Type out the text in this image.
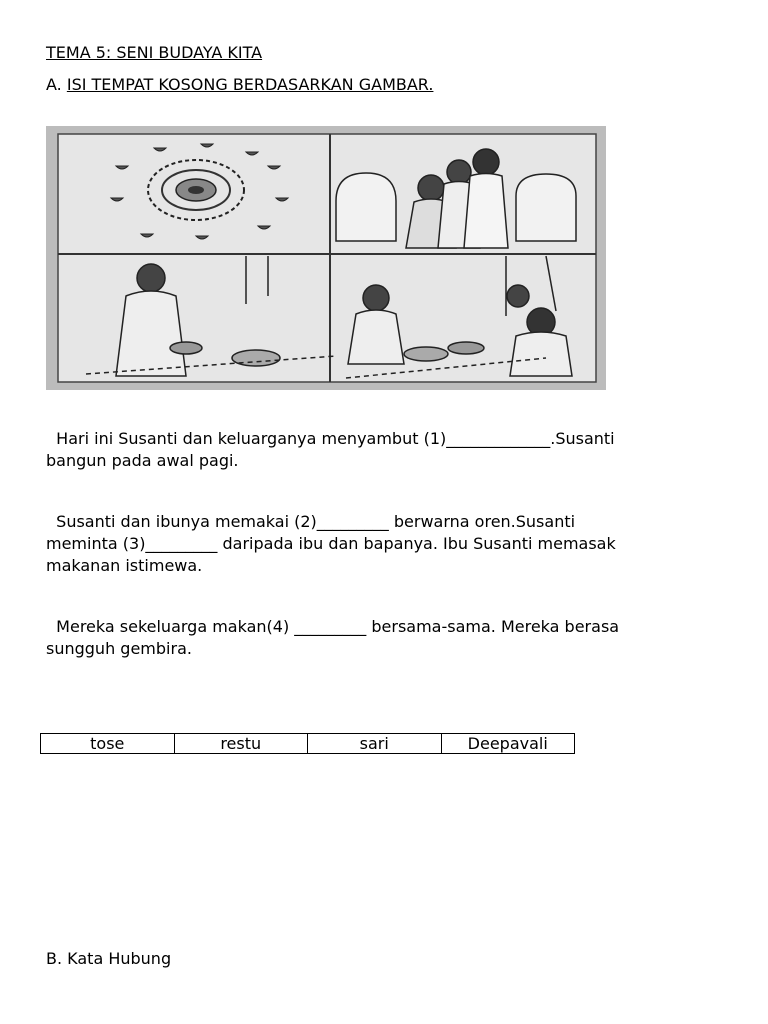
TEMA 5: SENI BUDAYA KITA
A. ISI TEMPAT KOSONG BERDASARKAN GAMBAR.
Hari ini Susanti dan keluarganya menyambut (1)_____________.Susanti
bangun pada awal pagi.
Susanti dan ibunya memakai (2)_________ berwarna oren.Susanti
meminta (3)_________ daripada ibu dan bapanya. Ibu Susanti memasak
makanan istimewa.
Mereka sekeluarga makan(4) _________ bersama-sama. Mereka berasa
sungguh gembira.
tose	restu	sari	Deepavali
B. Kata Hubung
